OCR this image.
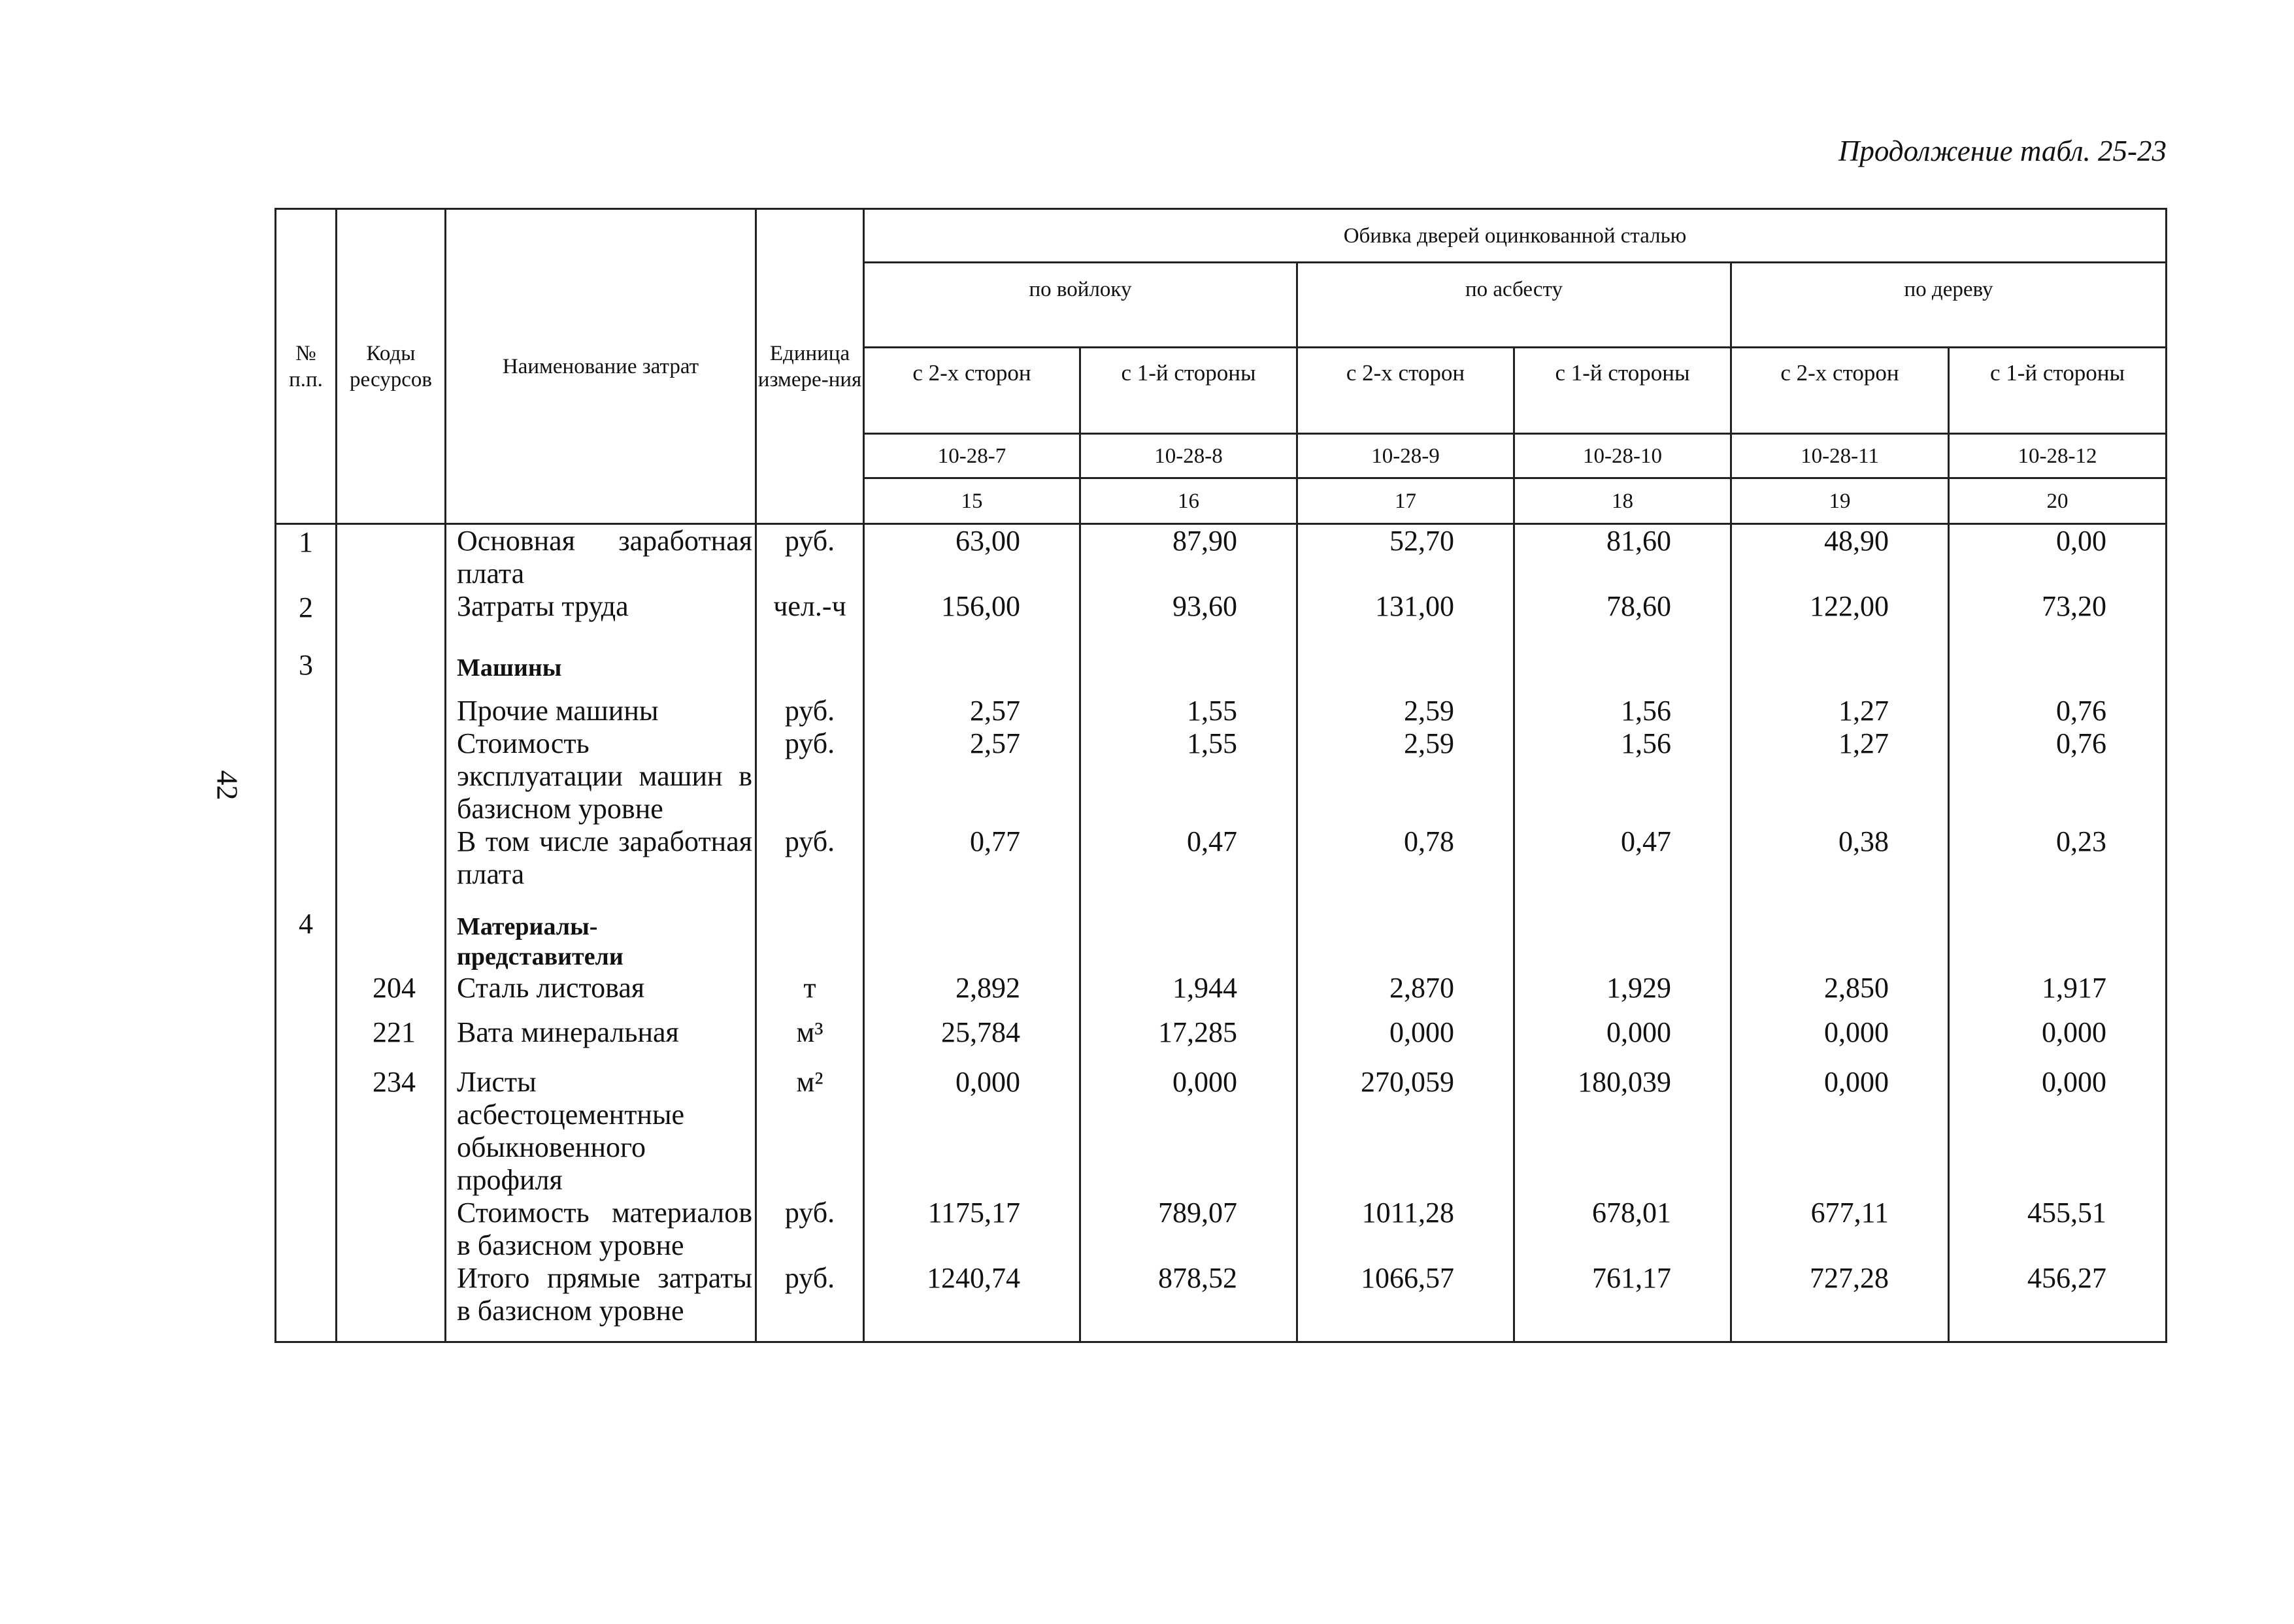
Продолжение табл. 25-23
42
№ п.п.	Коды ресурсов	Наименование затрат	Единица измере-ния	Обивка дверей оцинкованной сталью					
				по войлоку		по асбесту		по дереву	
				с 2-х сторон	с 1-й стороны	с 2-х сторон	с 1-й стороны	с 2-х сторон	с 1-й стороны
				10-28-7	10-28-8	10-28-9	10-28-10	10-28-11	10-28-12
				15	16	17	18	19	20
1		Основная заработная плата	руб.	63,00	87,90	52,70	81,60	48,90	0,00
2		Затраты труда	чел.-ч	156,00	93,60	131,00	78,60	122,00	73,20
3		Машины							
		Прочие машины	руб.	2,57	1,55	2,59	1,56	1,27	0,76
		Стоимость эксплуатации машин в базисном уровне	руб.	2,57	1,55	2,59	1,56	1,27	0,76
		В том числе заработная плата	руб.	0,77	0,47	0,78	0,47	0,38	0,23
4		Материалы-представители							
	204	Сталь листовая	т	2,892	1,944	2,870	1,929	2,850	1,917
	221	Вата минеральная	м³	25,784	17,285	0,000	0,000	0,000	0,000
	234	Листы асбестоцементные обыкновенного профиля	м²	0,000	0,000	270,059	180,039	0,000	0,000
		Стоимость материалов в базисном уровне	руб.	1175,17	789,07	1011,28	678,01	677,11	455,51
		Итого прямые затраты в базисном уровне	руб.	1240,74	878,52	1066,57	761,17	727,28	456,27
